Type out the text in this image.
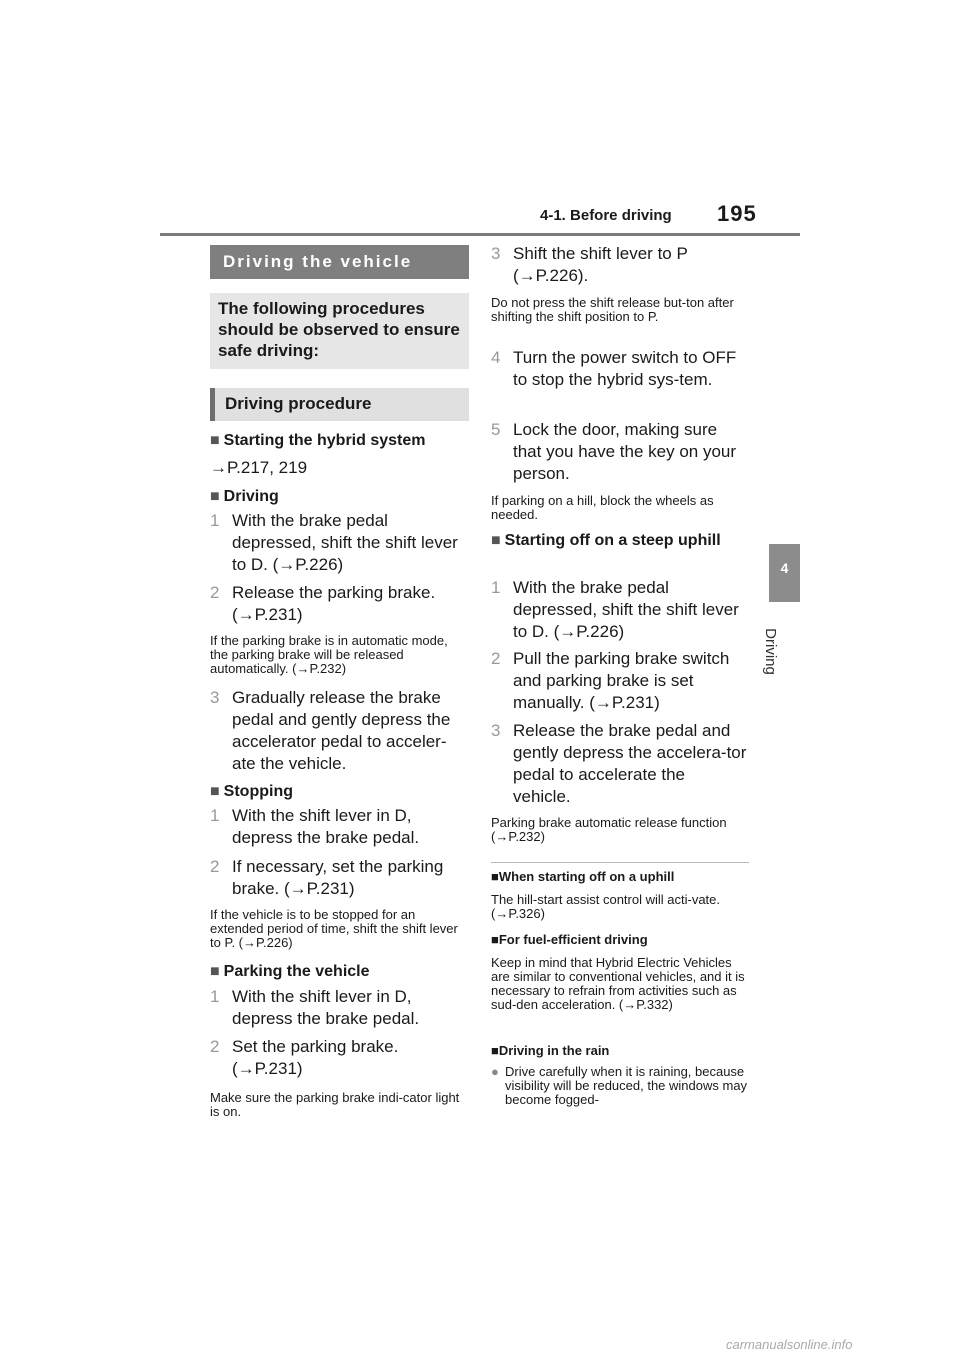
4-1. Before driving 195
4
Driving
Driving the vehicle
The following procedures should be observed to ensure safe driving:
Driving procedure
■ Starting the hybrid system
→P.217, 219
■ Driving
1 With the brake pedal depressed, shift the shift lever to D. (→P.226)
2 Release the parking brake. (→P.231)
If the parking brake is in automatic mode, the parking brake will be released automatically. (→P.232)
3 Gradually release the brake pedal and gently depress the accelerator pedal to acceler-ate the vehicle.
■ Stopping
1 With the shift lever in D, depress the brake pedal.
2 If necessary, set the parking brake. (→P.231)
If the vehicle is to be stopped for an extended period of time, shift the shift lever to P. (→P.226)
■ Parking the vehicle
1 With the shift lever in D, depress the brake pedal.
2 Set the parking brake. (→P.231)
Make sure the parking brake indi-cator light is on.
3 Shift the shift lever to P (→P.226).
Do not press the shift release but-ton after shifting the shift position to P.
4 Turn the power switch to OFF to stop the hybrid sys-tem.
5 Lock the door, making sure that you have the key on your person.
If parking on a hill, block the wheels as needed.
■ Starting off on a steep uphill
1 With the brake pedal depressed, shift the shift lever to D. (→P.226)
2 Pull the parking brake switch and parking brake is set manually. (→P.231)
3 Release the brake pedal and gently depress the accelera-tor pedal to accelerate the vehicle.
Parking brake automatic release function (→P.232)
■When starting off on a uphill
The hill-start assist control will acti-vate. (→P.326)
■For fuel-efficient driving
Keep in mind that Hybrid Electric Vehicles are similar to conventional vehicles, and it is necessary to refrain from activities such as sud-den acceleration. (→P.332)
■Driving in the rain
● Drive carefully when it is raining, because visibility will be reduced, the windows may become fogged-
carmanualsonline.info
